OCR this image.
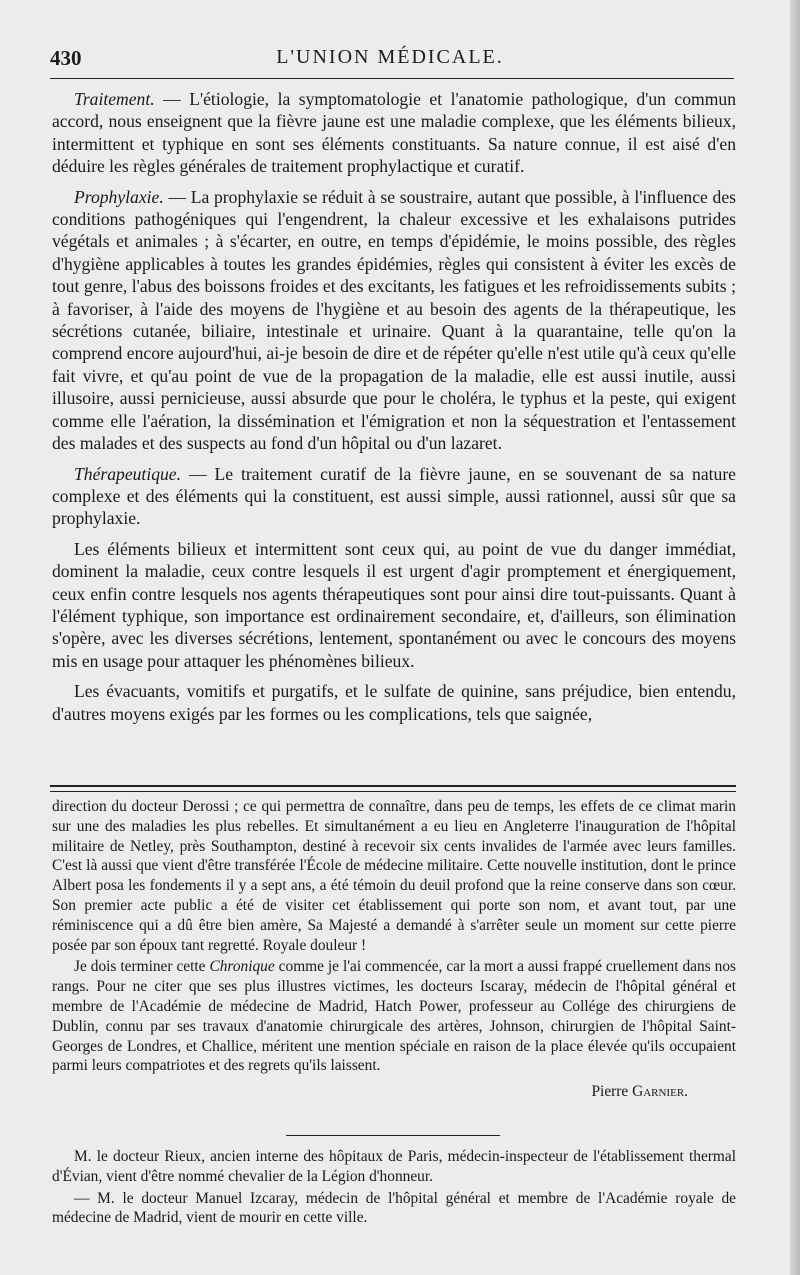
430	L'UNION MÉDICALE.

Traitement. — L'étiologie, la symptomatologie et l'anatomie pathologique, d'un commun accord, nous enseignent que la fièvre jaune est une maladie complexe, que les éléments bilieux, intermittent et typhique en sont ses éléments constituants. Sa nature connue, il est aisé d'en déduire les règles générales de traitement prophylactique et curatif.

Prophylaxie. — La prophylaxie se réduit à se soustraire, autant que possible, à l'influence des conditions pathogéniques qui l'engendrent, la chaleur excessive et les exhalaisons putrides végétals et animales ; à s'écarter, en outre, en temps d'épidémie, le moins possible, des règles d'hygiène applicables à toutes les grandes épidémies, règles qui consistent à éviter les excès de tout genre, l'abus des boissons froides et des excitants, les fatigues et les refroidissements subits ; à favoriser, à l'aide des moyens de l'hygiène et au besoin des agents de la thérapeutique, les sécrétions cutanée, biliaire, intestinale et urinaire. Quant à la quarantaine, telle qu'on la comprend encore aujourd'hui, ai-je besoin de dire et de répéter qu'elle n'est utile qu'à ceux qu'elle fait vivre, et qu'au point de vue de la propagation de la maladie, elle est aussi inutile, aussi illusoire, aussi pernicieuse, aussi absurde que pour le choléra, le typhus et la peste, qui exigent comme elle l'aération, la dissémination et l'émigration et non la séquestration et l'entassement des malades et des suspects au fond d'un hôpital ou d'un lazaret.

Thérapeutique. — Le traitement curatif de la fièvre jaune, en se souvenant de sa nature complexe et des éléments qui la constituent, est aussi simple, aussi rationnel, aussi sûr que sa prophylaxie.

Les éléments bilieux et intermittent sont ceux qui, au point de vue du danger immédiat, dominent la maladie, ceux contre lesquels il est urgent d'agir promptement et énergiquement, ceux enfin contre lesquels nos agents thérapeutiques sont pour ainsi dire tout-puissants. Quant à l'élément typhique, son importance est ordinairement secondaire, et, d'ailleurs, son élimination s'opère, avec les diverses sécrétions, lentement, spontanément ou avec le concours des moyens mis en usage pour attaquer les phénomènes bilieux.

Les évacuants, vomitifs et purgatifs, et le sulfate de quinine, sans préjudice, bien entendu, d'autres moyens exigés par les formes ou les complications, tels que saignée,

direction du docteur Derossi ; ce qui permettra de connaître, dans peu de temps, les effets de ce climat marin sur une des maladies les plus rebelles. Et simultanément a eu lieu en Angleterre l'inauguration de l'hôpital militaire de Netley, près Southampton, destiné à recevoir six cents invalides de l'armée avec leurs familles. C'est là aussi que vient d'être transférée l'École de médecine militaire. Cette nouvelle institution, dont le prince Albert posa les fondements il y a sept ans, a été témoin du deuil profond que la reine conserve dans son cœur. Son premier acte public a été de visiter cet établissement qui porte son nom, et avant tout, par une réminiscence qui a dû être bien amère, Sa Majesté a demandé à s'arrêter seule un moment sur cette pierre posée par son époux tant regretté. Royale douleur !

Je dois terminer cette Chronique comme je l'ai commencée, car la mort a aussi frappé cruellement dans nos rangs. Pour ne citer que ses plus illustres victimes, les docteurs Iscaray, médecin de l'hôpital général et membre de l'Académie de médecine de Madrid, Hatch Power, professeur au Collége des chirurgiens de Dublin, connu par ses travaux d'anatomie chirurgicale des artères, Johnson, chirurgien de l'hôpital Saint-Georges de Londres, et Challice, méritent une mention spéciale en raison de la place élevée qu'ils occupaient parmi leurs compatriotes et des regrets qu'ils laissent.

Pierre Garnier.

M. le docteur Rieux, ancien interne des hôpitaux de Paris, médecin-inspecteur de l'établissement thermal d'Évian, vient d'être nommé chevalier de la Légion d'honneur.

— M. le docteur Manuel Izcaray, médecin de l'hôpital général et membre de l'Académie royale de médecine de Madrid, vient de mourir en cette ville.
